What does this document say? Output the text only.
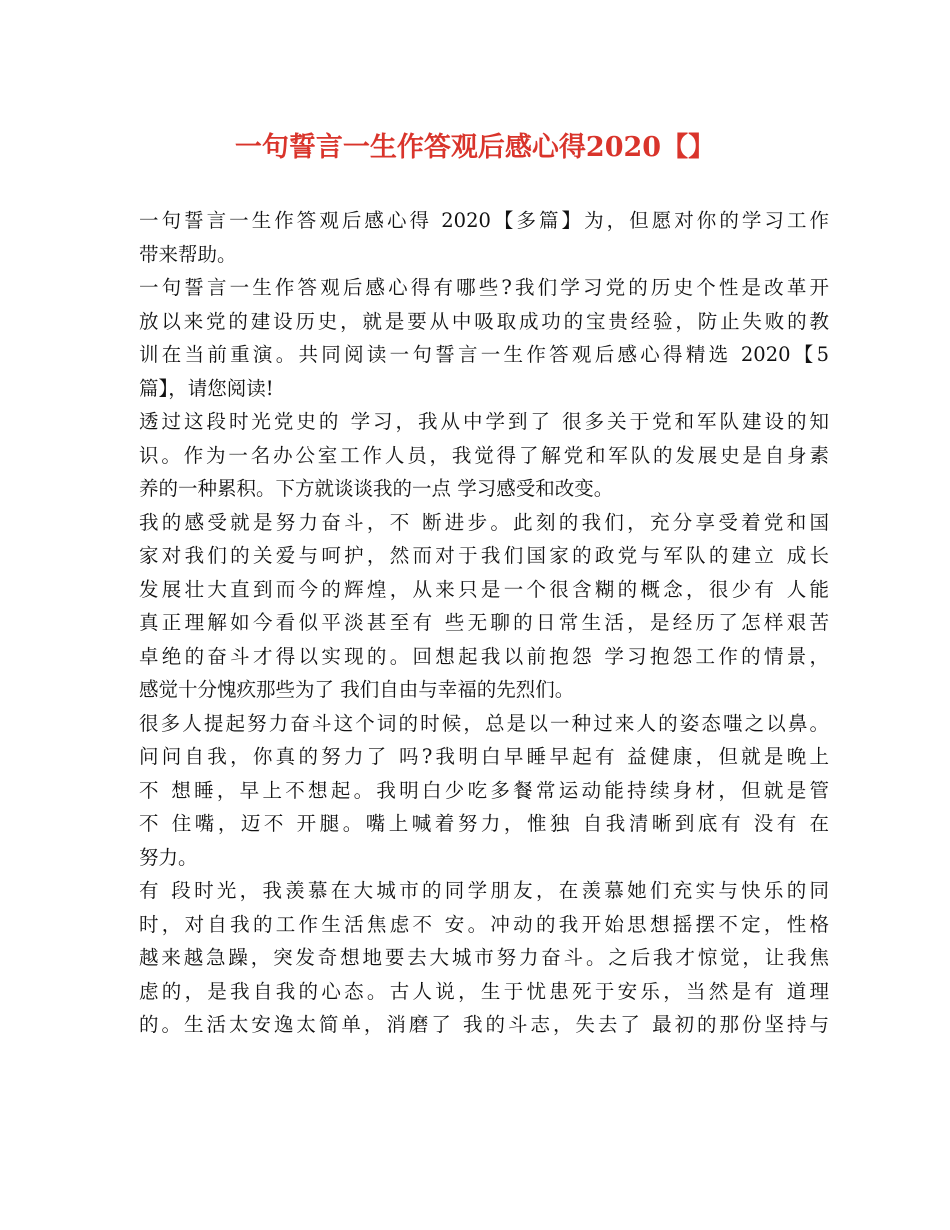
一句誓言一生作答观后感心得2020【】
一句誓言一生作答观后感心得 2020【多篇】为，但愿对你的学习工作
带来帮助。
一句誓言一生作答观后感心得有哪些?我们学习党的历史个性是改革开
放以来党的建设历史，就是要从中吸取成功的宝贵经验，防止失败的教
训在当前重演。共同阅读一句誓言一生作答观后感心得精选 2020【5
篇】，请您阅读!
透过这段时光党史的 学习，我从中学到了 很多关于党和军队建设的知
识。作为一名办公室工作人员，我觉得了解党和军队的发展史是自身素
养的一种累积。下方就谈谈我的一点 学习感受和改变。
我的感受就是努力奋斗，不 断进步。此刻的我们，充分享受着党和国
家对我们的关爱与呵护，然而对于我们国家的政党与军队的建立 成长
发展壮大直到而今的辉煌，从来只是一个很含糊的概念，很少有 人能
真正理解如今看似平淡甚至有 些无聊的日常生活，是经历了怎样艰苦
卓绝的奋斗才得以实现的。回想起我以前抱怨 学习抱怨工作的情景，
感觉十分愧疚那些为了 我们自由与幸福的先烈们。
很多人提起努力奋斗这个词的时候，总是以一种过来人的姿态嗤之以鼻。
问问自我，你真的努力了 吗?我明白早睡早起有 益健康，但就是晚上
不 想睡，早上不想起。我明白少吃多餐常运动能持续身材，但就是管
不 住嘴，迈不 开腿。嘴上喊着努力，惟独 自我清晰到底有 没有 在
努力。
有 段时光，我羡慕在大城市的同学朋友，在羡慕她们充实与快乐的同
时，对自我的工作生活焦虑不 安。冲动的我开始思想摇摆不定，性格
越来越急躁，突发奇想地要去大城市努力奋斗。之后我才惊觉，让我焦
虑的，是我自我的心态。古人说，生于忧患死于安乐，当然是有 道理
的。生活太安逸太简单，消磨了 我的斗志，失去了 最初的那份坚持与
